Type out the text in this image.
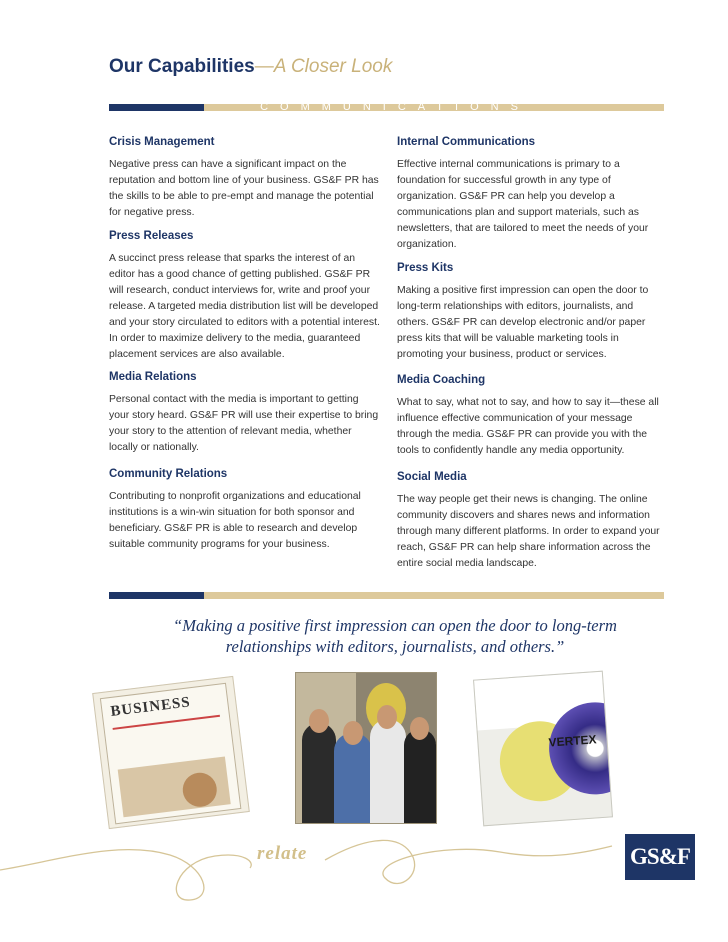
Our Capabilities—A Closer Look
COMMUNICATIONS
Crisis Management

Negative press can have a significant impact on the reputation and bottom line of your business. GS&F PR has the skills to be able to pre-empt and manage the potential for negative press.

Press Releases

A succinct press release that sparks the interest of an editor has a good chance of getting published. GS&F PR will research, conduct interviews for, write and proof your release. A targeted media distribution list will be developed and your story circulated to editors with a potential interest. In order to maximize delivery to the media, guaranteed placement services are also available.

Media Relations

Personal contact with the media is important to getting your story heard. GS&F PR will use their expertise to bring your story to the attention of relevant media, whether locally or nationally.

Community Relations

Contributing to nonprofit organizations and educational institutions is a win-win situation for both sponsor and beneficiary. GS&F PR is able to research and develop suitable community programs for your business.

Internal Communications

Effective internal communications is primary to a foundation for successful growth in any type of organization. GS&F PR can help you develop a communications plan and support materials, such as newsletters, that are tailored to meet the needs of your organization.

Press Kits

Making a positive first impression can open the door to long-term relationships with editors, journalists, and others. GS&F PR can develop electronic and/or paper press kits that will be valuable marketing tools in promoting your business, product or services.

Media Coaching

What to say, what not to say, and how to say it—these all influence effective communication of your message through the media. GS&F PR can provide you with the tools to confidently handle any media opportunity.

Social Media

The way people get their news is changing. The online community discovers and shares news and information through many different platforms. In order to expand your reach, GS&F PR can help share information across the entire social media landscape.

“Making a positive first impression can open the door to long-term relationships with editors, journalists, and others.”
BUSINESS
VERTEX
relate	GS&F
